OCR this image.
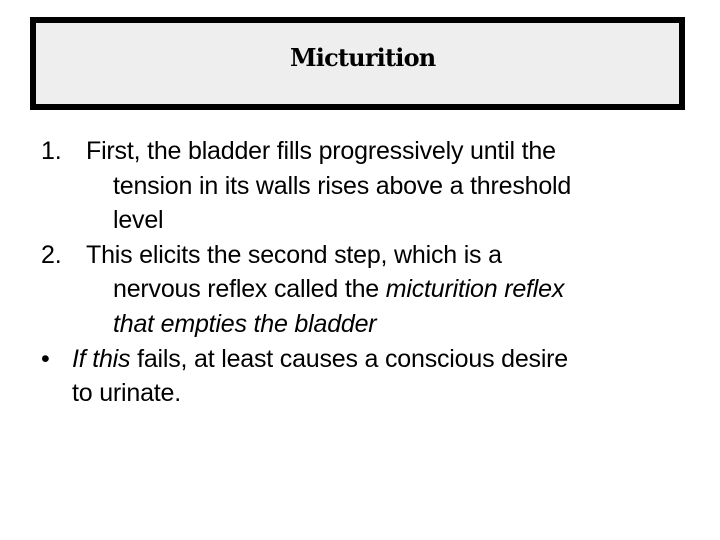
Micturition
1. First, the bladder fills progressively until the
tension in its walls rises above a threshold
level
2. This elicits the second step, which is a
nervous reflex called the micturition reflex
that empties the bladder
• If this fails, at least causes a conscious desire
to urinate.
